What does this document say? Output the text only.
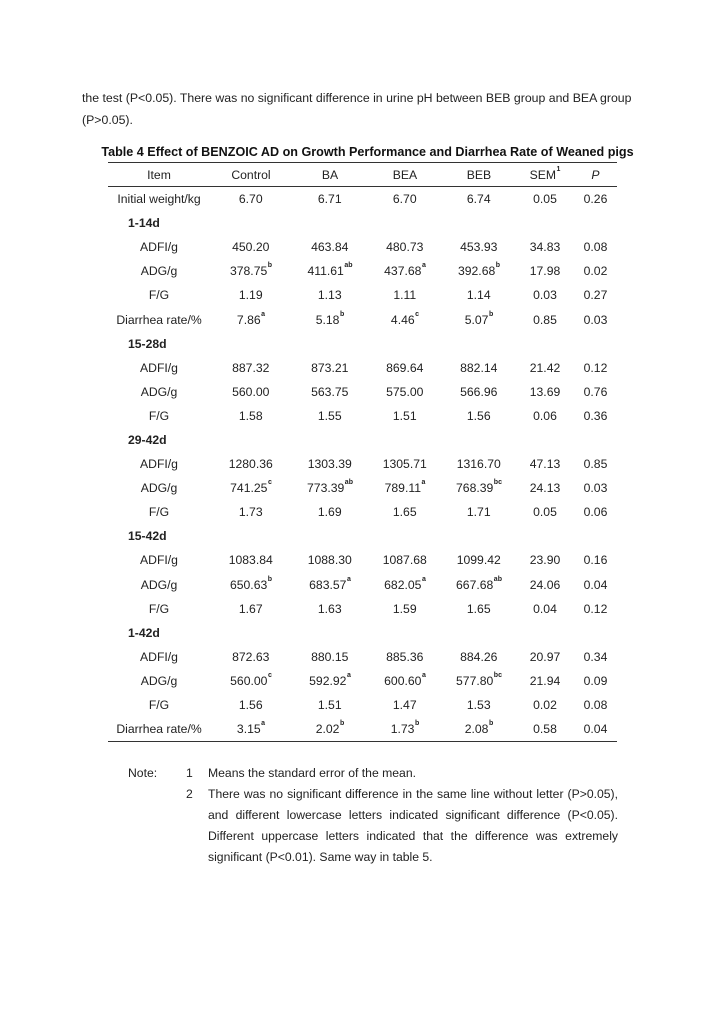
the test (P<0.05). There was no significant difference in urine pH between BEB group and BEA group (P>0.05).
Table 4 Effect of BENZOIC AD on Growth Performance and Diarrhea Rate of Weaned pigs
Item	Control	BA	BEA	BEB	SEM$^1$	P
Initial weight/kg	6.70	6.71	6.70	6.74	0.05	0.26
1-14d						
ADFI/g	450.20	463.84	480.73	453.93	34.83	0.08
ADG/g	378.75$^b$	411.61$^{ab}$	437.68$^a$	392.68$^b$	17.98	0.02
F/G	1.19	1.13	1.11	1.14	0.03	0.27
Diarrhea rate/%	7.86$^a$	5.18$^b$	4.46$^c$	5.07$^b$	0.85	0.03
15-28d						
ADFI/g	887.32	873.21	869.64	882.14	21.42	0.12
ADG/g	560.00	563.75	575.00	566.96	13.69	0.76
F/G	1.58	1.55	1.51	1.56	0.06	0.36
29-42d						
ADFI/g	1280.36	1303.39	1305.71	1316.70	47.13	0.85
ADG/g	741.25$^c$	773.39$^{ab}$	789.11$^a$	768.39$^{bc}$	24.13	0.03
F/G	1.73	1.69	1.65	1.71	0.05	0.06
15-42d						
ADFI/g	1083.84	1088.30	1087.68	1099.42	23.90	0.16
ADG/g	650.63$^b$	683.57$^a$	682.05$^a$	667.68$^{ab}$	24.06	0.04
F/G	1.67	1.63	1.59	1.65	0.04	0.12
1-42d						
ADFI/g	872.63	880.15	885.36	884.26	20.97	0.34
ADG/g	560.00$^c$	592.92$^a$	600.60$^a$	577.80$^{bc}$	21.94	0.09
F/G	1.56	1.51	1.47	1.53	0.02	0.08
Diarrhea rate/%	3.15$^a$	2.02$^b$	1.73$^b$	2.08$^b$	0.58	0.04
Note:	1	Means the standard error of the mean.
2	There was no significant difference in the same line without letter (P>0.05), and different lowercase letters indicated significant difference (P<0.05). Different uppercase letters indicated that the difference was extremely significant (P<0.01). Same way in table 5.
